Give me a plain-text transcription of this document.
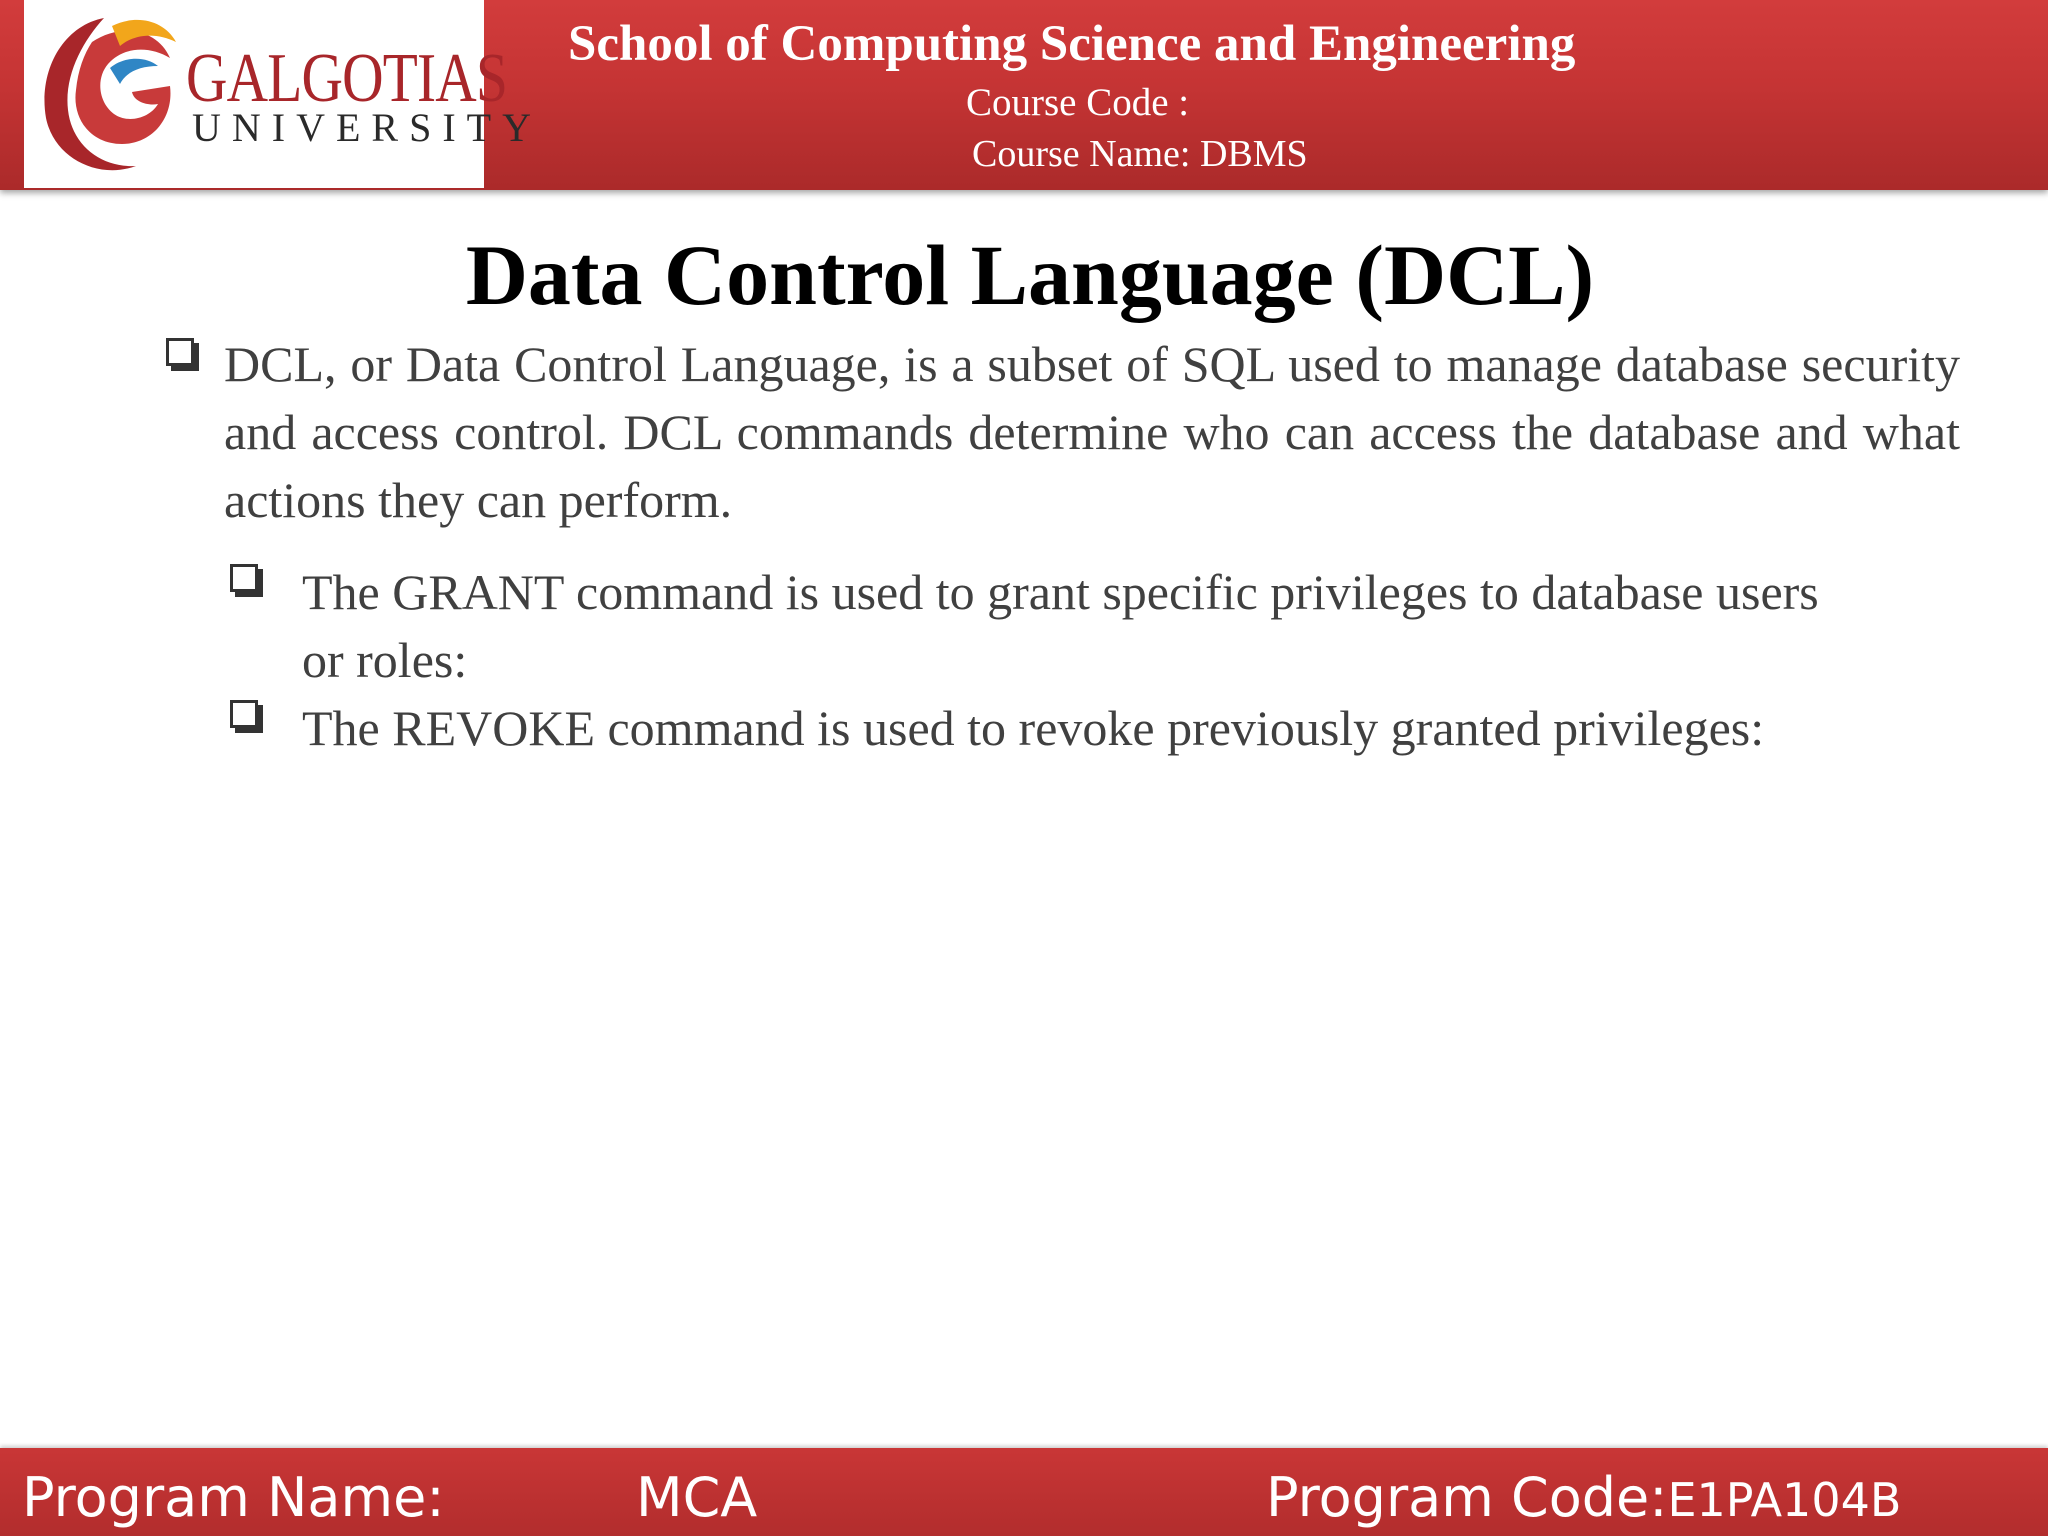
GALGOTIAS
UNIVERSITY
School of Computing Science and Engineering
Course Code :
Course Name: DBMS
Data Control Language (DCL)
DCL, or Data Control Language, is a subset of SQL used to manage database security and access control. DCL commands determine who can access the database and what actions they can perform.
The GRANT command is used to grant specific privileges to database users or roles:
The REVOKE command is used to revoke previously granted privileges:
Program Name:	MCA	Program Code:E1PA104B
